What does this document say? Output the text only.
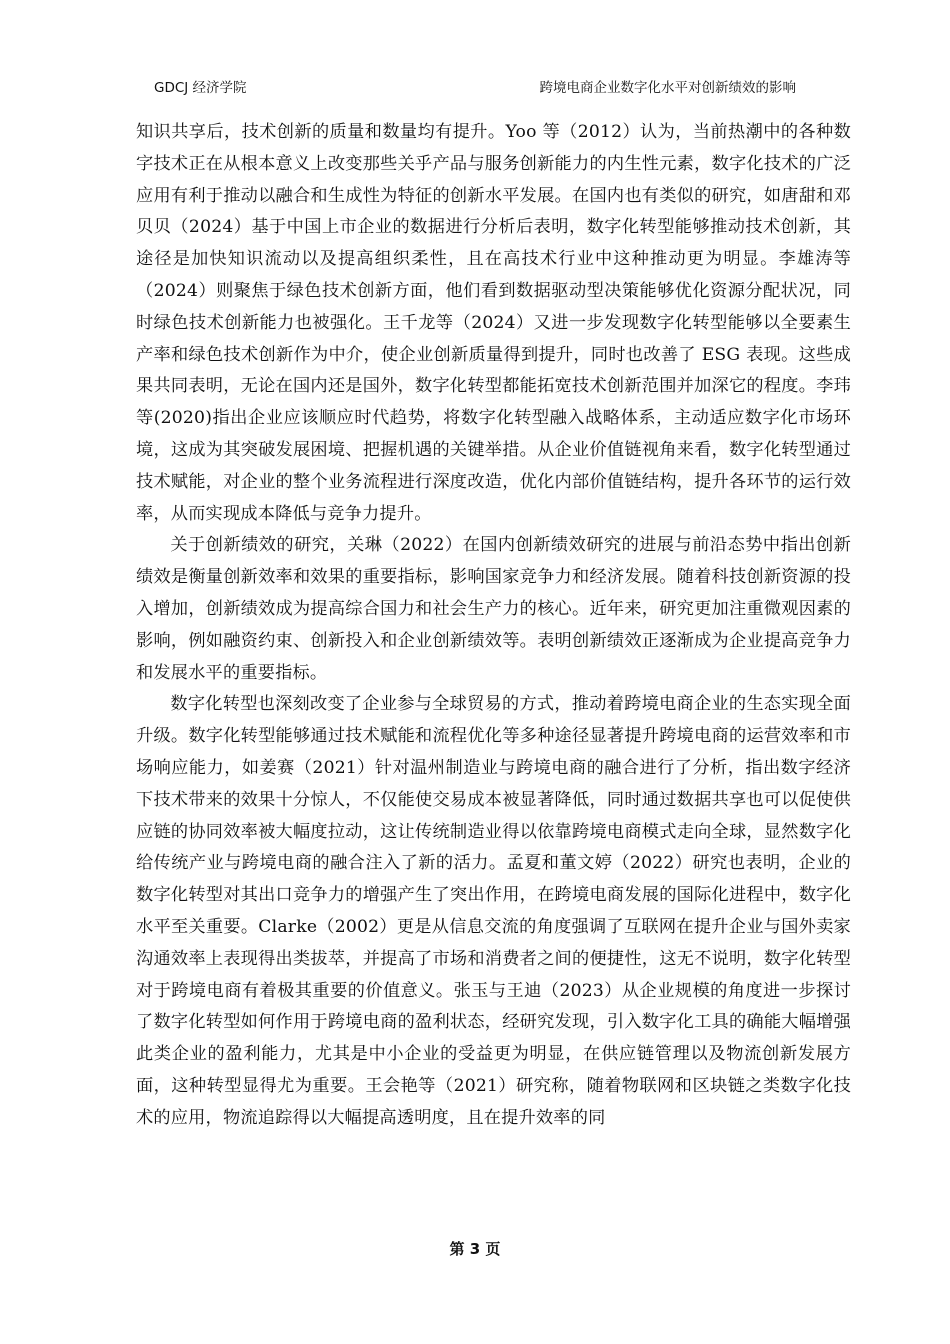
GDCJ 经济学院	跨境电商企业数字化水平对创新绩效的影响

知识共享后，技术创新的质量和数量均有提升。Yoo 等（2012）认为，当前热潮中的各种数字技术正在从根本意义上改变那些关乎产品与服务创新能力的内生性元素，数字化技术的广泛应用有利于推动以融合和生成性为特征的创新水平发展。在国内也有类似的研究，如唐甜和邓贝贝（2024）基于中国上市企业的数据进行分析后表明，数字化转型能够推动技术创新，其途径是加快知识流动以及提高组织柔性，且在高技术行业中这种推动更为明显。李雄涛等（2024）则聚焦于绿色技术创新方面，他们看到数据驱动型决策能够优化资源分配状况，同时绿色技术创新能力也被强化。王千龙等（2024）又进一步发现数字化转型能够以全要素生产率和绿色技术创新作为中介，使企业创新质量得到提升，同时也改善了 ESG 表现。这些成果共同表明，无论在国内还是国外，数字化转型都能拓宽技术创新范围并加深它的程度。李玮等(2020)指出企业应该顺应时代趋势，将数字化转型融入战略体系，主动适应数字化市场环境，这成为其突破发展困境、把握机遇的关键举措。从企业价值链视角来看，数字化转型通过技术赋能，对企业的整个业务流程进行深度改造，优化内部价值链结构，提升各环节的运行效率，从而实现成本降低与竞争力提升。

关于创新绩效的研究，关琳（2022）在国内创新绩效研究的进展与前沿态势中指出创新绩效是衡量创新效率和效果的重要指标，影响国家竞争力和经济发展。随着科技创新资源的投入增加，创新绩效成为提高综合国力和社会生产力的核心。近年来，研究更加注重微观因素的影响，例如融资约束、创新投入和企业创新绩效等。表明创新绩效正逐渐成为企业提高竞争力和发展水平的重要指标。

数字化转型也深刻改变了企业参与全球贸易的方式，推动着跨境电商企业的生态实现全面升级。数字化转型能够通过技术赋能和流程优化等多种途径显著提升跨境电商的运营效率和市场响应能力，如姜赛（2021）针对温州制造业与跨境电商的融合进行了分析，指出数字经济下技术带来的效果十分惊人，不仅能使交易成本被显著降低，同时通过数据共享也可以促使供应链的协同效率被大幅度拉动，这让传统制造业得以依靠跨境电商模式走向全球，显然数字化给传统产业与跨境电商的融合注入了新的活力。孟夏和董文婷（2022）研究也表明，企业的数字化转型对其出口竞争力的增强产生了突出作用，在跨境电商发展的国际化进程中，数字化水平至关重要。Clarke（2002）更是从信息交流的角度强调了互联网在提升企业与国外卖家沟通效率上表现得出类拔萃，并提高了市场和消费者之间的便捷性，这无不说明，数字化转型对于跨境电商有着极其重要的价值意义。张玉与王迪（2023）从企业规模的角度进一步探讨了数字化转型如何作用于跨境电商的盈利状态，经研究发现，引入数字化工具的确能大幅增强此类企业的盈利能力，尤其是中小企业的受益更为明显，在供应链管理以及物流创新发展方面，这种转型显得尤为重要。王会艳等（2021）研究称，随着物联网和区块链之类数字化技术的应用，物流追踪得以大幅提高透明度，且在提升效率的同

第 3 页
